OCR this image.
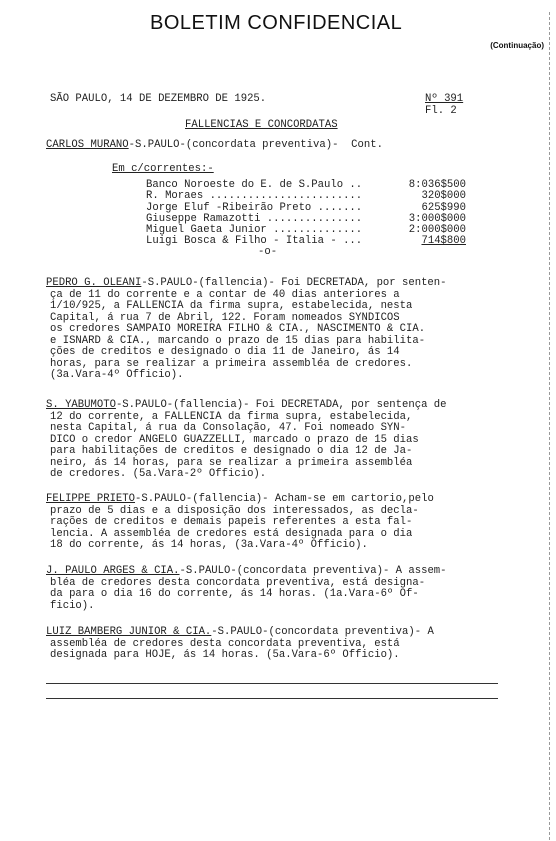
BOLETIM CONFIDENCIAL
(Continuação)
SÃO PAULO, 14 DE DEZEMBRO DE 1925.	Nº 391
Fl. 2
FALLENCIAS E CONCORDATAS
CARLOS MURANO-S.PAULO-(concordata preventiva)-  Cont.
Em c/correntes:-
Banco Noroeste do E. de S.Paulo ..	8:036$500
R. Moraes ........................	320$000
Jorge Eluf -Ribeirão Preto .......	625$990
Giuseppe Ramazotti ...............	3:000$000
Miguel Gaeta Junior ..............	2:000$000
Luigi Bosca & Filho - Italia - ...	714$800
-o-

PEDRO G. OLEANI-S.PAULO-(fallencia)- Foi DECRETADA, por senten-

ça de 11 do corrente e a contar de 40 dias anteriores a

1/10/925, a FALLENCIA da firma supra, estabelecida, nesta

Capital, á rua 7 de Abril, 122. Foram nomeados SYNDICOS

os credores SAMPAIO MOREIRA FILHO & CIA., NASCIMENTO & CIA.

e ISNARD & CIA., marcando o prazo de 15 dias para habilita-

ções de creditos e designado o dia 11 de Janeiro, ás 14

horas, para se realizar a primeira assembléa de credores.

(3a.Vara-4º Officio).

S. YABUMOTO-S.PAULO-(fallencia)- Foi DECRETADA, por sentença de

12 do corrente, a FALLENCIA da firma supra, estabelecida,

nesta Capital, á rua da Consolação, 47. Foi nomeado SYN-

DICO o credor ANGELO GUAZZELLI, marcado o prazo de 15 dias

para habilitações de creditos e designado o dia 12 de Ja-

neiro, ás 14 horas, para se realizar a primeira assembléa

de credores. (5a.Vara-2º Officio).

FELIPPE PRIETO-S.PAULO-(fallencia)- Acham-se em cartorio,pelo

prazo de 5 dias e a disposição dos interessados, as decla-

rações de creditos e demais papeis referentes a esta fal-

lencia. A assembléa de credores está designada para o dia

18 do corrente, ás 14 horas, (3a.Vara-4º Officio).

J. PAULO ARGES & CIA.-S.PAULO-(concordata preventiva)- A assem-

bléa de credores desta concordata preventiva, está designa-

da para o dia 16 do corrente, ás 14 horas. (1a.Vara-6º Of-

ficio).

LUIZ BAMBERG JUNIOR & CIA.-S.PAULO-(concordata preventiva)- A

assembléa de credores desta concordata preventiva, está

designada para HOJE, ás 14 horas. (5a.Vara-6º Officio).
